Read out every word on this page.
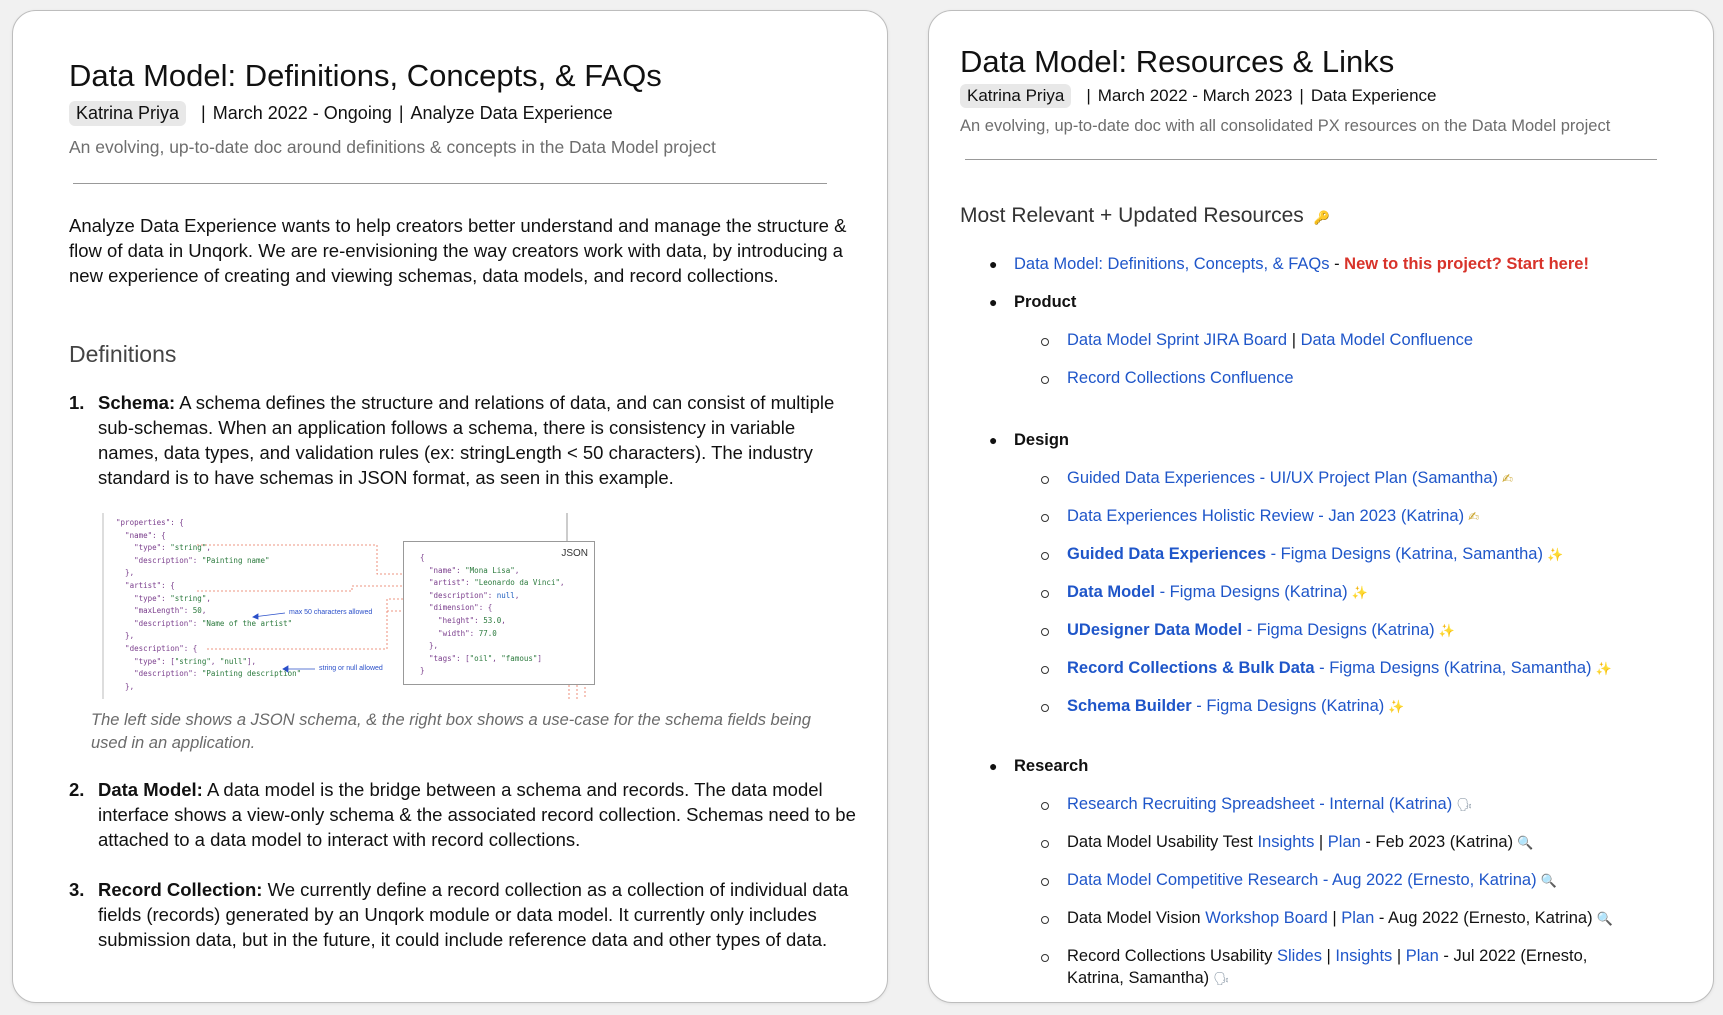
Data Model: Definitions, Concepts, & FAQs
Katrina Priya	| March 2022 - Ongoing | Analyze Data Experience
An evolving, up-to-date doc around definitions & concepts in the Data Model project
Analyze Data Experience wants to help creators better understand and manage the structure & flow of data in Unqork. We are re-envisioning the way creators work with data, by introducing a new experience of creating and viewing schemas, data models, and record collections.
Definitions
1. Schema: A schema defines the structure and relations of data, and can consist of multiple sub-schemas. When an application follows a schema, there is consistency in variable names, data types, and validation rules (ex: stringLength < 50 characters). The industry standard is to have schemas in JSON format, as seen in this example.
"properties": {
"name": {
"type": "string",
"description": "Painting name"
},
"artist": {
"type": "string",
"maxLength": 50,
"description": "Name of the artist"
},
"description": {
"type": ["string", "null"],
"description": "Painting description"
},
max 50 characters allowed
string or null allowed
JSON
{
"name": "Mona Lisa",
"artist": "Leonardo da Vinci",
"description": null,
"dimension": {
"height": 53.0,
"width": 77.0
},
"tags": ["oil", "famous"]
}
The left side shows a JSON schema, & the right box shows a use-case for the schema fields being used in an application.
2. Data Model: A data model is the bridge between a schema and records. The data model interface shows a view-only schema & the associated record collection. Schemas need to be attached to a data model to interact with record collections.
3. Record Collection: We currently define a record collection as a collection of individual data fields (records) generated by an Unqork module or data model. It currently only includes submission data, but in the future, it could include reference data and other types of data.
Data Model: Resources & Links
Katrina Priya	| March 2022 - March 2023 | Data Experience
An evolving, up-to-date doc with all consolidated PX resources on the Data Model project
Most Relevant + Updated Resources 🔑
● Data Model: Definitions, Concepts, & FAQs - New to this project? Start here!
● Product
Data Model Sprint JIRA Board | Data Model Confluence
Record Collections Confluence
● Design
Guided Data Experiences - UI/UX Project Plan (Samantha) ✍
Data Experiences Holistic Review - Jan 2023 (Katrina) ✍
Guided Data Experiences - Figma Designs (Katrina, Samantha) ✨
Data Model - Figma Designs (Katrina) ✨
UDesigner Data Model - Figma Designs (Katrina) ✨
Record Collections & Bulk Data - Figma Designs (Katrina, Samantha) ✨
Schema Builder - Figma Designs (Katrina) ✨
● Research
Research Recruiting Spreadsheet - Internal (Katrina) 🗣
Data Model Usability Test Insights | Plan - Feb 2023 (Katrina) 🔍
Data Model Competitive Research - Aug 2022 (Ernesto, Katrina) 🔍
Data Model Vision Workshop Board | Plan - Aug 2022 (Ernesto, Katrina) 🔍
Record Collections Usability Slides | Insights | Plan - Jul 2022 (Ernesto,
Katrina, Samantha) 🗣
